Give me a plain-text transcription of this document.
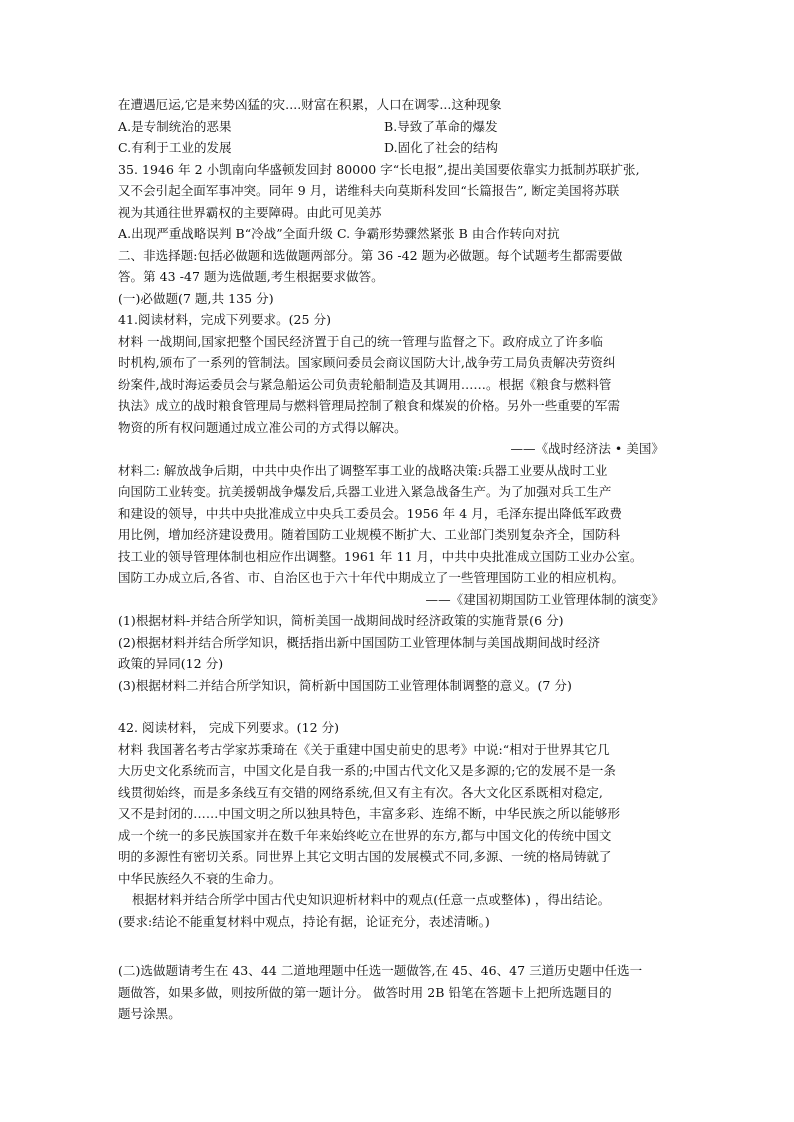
在遭遇厄运,它是来势凶猛的灾....财富在积累，人口在调零...这种现象
A.是专制统治的恶果	B.导致了革命的爆发
C.有利于工业的发展	D.固化了社会的结构
35. 1946 年 2 小凯南向华盛顿发回封 80000 字“长电报”,提出美国要依靠实力抵制苏联扩张,
又不会引起全面军事冲突。同年 9 月，诺维科夫向莫斯科发回“长篇报告”, 断定美国将苏联
视为其通往世界霸权的主要障碍。由此可见美苏
A.出现严重战略误判 B“冷战”全面升级 C. 争霸形势骤然紧张 B 由合作转向对抗
二、非选择题:包括必做题和选做题两部分。第 36 -42 题为必做题。每个试题考生都需要做
答。第 43 -47 题为选做题,考生根据要求做答。
(一)必做题(7 题,共 135 分)
41.阅读材料，完成下列要求。(25 分)
材料 一战期间,国家把整个国民经济置于自己的统一管理与监督之下。政府成立了许多临
时机构,颁布了一系列的管制法。国家顾问委员会商议国防大计,战争劳工局负责解决劳资纠
纷案件,战时海运委员会与紧急船运公司负责轮船制造及其调用……。根据《粮食与燃料管
执法》成立的战时粮食管理局与燃料管理局控制了粮食和煤炭的价格。另外一些重要的军需
物资的所有权问题通过成立准公司的方式得以解决。
——《战时经济法 • 美国》
材料二: 解放战争后期，中共中央作出了调整军事工业的战略决策:兵器工业要从战时工业
向国防工业转变。抗美援朝战争爆发后,兵器工业进入紧急战备生产。为了加强对兵工生产
和建设的领导，中共中央批准成立中央兵工委员会。1956 年 4 月，毛泽东提出降低军政费
用比例，增加经济建设费用。随着国防工业规模不断扩大、工业部门类别复杂齐全，国防科
技工业的领导管理体制也相应作出调整。1961 年 11 月，中共中央批准成立国防工业办公室。
国防工办成立后,各省、市、自治区也于六十年代中期成立了一些管理国防工业的相应机构。
——《建国初期国防工业管理体制的演变》
(1)根据材料-并结合所学知识，简析美国一战期间战时经济政策的实施背景(6 分)
(2)根据材料并结合所学知识，概括指出新中国国防工业管理体制与美国战期间战时经济
政策的异同(12 分)
(3)根据材料二并结合所学知识，简析新中国国防工业管理体制调整的意义。(7 分)
42. 阅读材料， 完成下列要求。(12 分)
材料 我国著名考古学家苏秉琦在《关于重建中国史前史的思考》中说:“相对于世界其它几
大历史文化系统而言，中国文化是自我一系的;中国古代文化又是多源的;它的发展不是一条
线贯彻始终，而是多条线互有交错的网络系统,但又有主有次。各大文化区系既相对稳定,
又不是封闭的……中国文明之所以独具特色，丰富多彩、连绵不断，中华民族之所以能够形
成一个统一的多民族国家并在数千年来始终屹立在世界的东方,都与中国文化的传统中国文
明的多源性有密切关系。同世界上其它文明古国的发展模式不同,多源、一统的格局铸就了
中华民族经久不衰的生命力。
根据材料并结合所学中国古代史知识迎析材料中的观点(任意一点或整体) ，得出结论。
(要求:结论不能重复材料中观点，持论有据，论证充分，表述清晰。)
(二)选做题请考生在 43、44 二道地理题中任选一题做答,在 45、46、47 三道历史题中任选一
题做答，如果多做，则按所做的第一题计分。 做答时用 2B 铅笔在答题卡上把所选题目的
题号涂黑。
